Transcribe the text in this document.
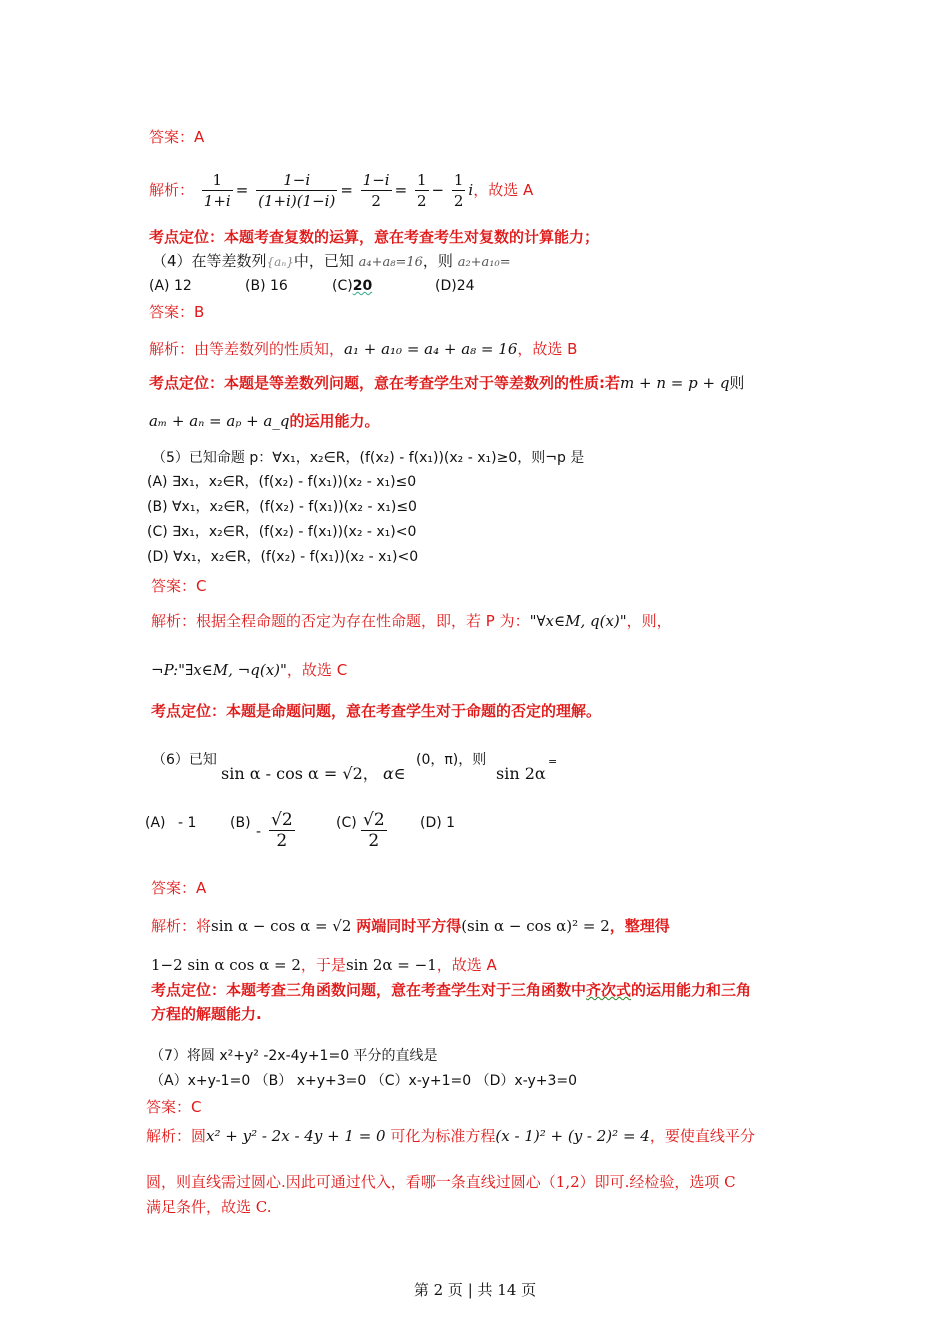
答案：A
解析： $\frac{1}{1+i} = \frac{1-i}{(1+i)(1-i)} = \frac{1-i}{2} = \frac{1}{2} - \frac{1}{2}$ i，故选 A
考点定位：本题考查复数的运算，意在考查考生对复数的计算能力；
（4）在等差数列{aₙ}中，已知 a₄+a₈=16，则 a₂+a₁₀=
(A) 12	(B) 16	(C)20	(D)24
答案：B
解析：由等差数列的性质知，a₁ + a₁₀ = a₄ + a₈ = 16，故选 B
考点定位：本题是等差数列问题，意在考查学生对于等差数列的性质:若m + n = p + q则
aₘ + aₙ = aₚ + a_q的运用能力。
（5）已知命题 p：∀x₁，x₂∈R，(f(x₂) - f(x₁))(x₂ - x₁)≥0，则¬p 是
(A) ∃x₁，x₂∈R，(f(x₂) - f(x₁))(x₂ - x₁)≤0
(B) ∀x₁，x₂∈R，(f(x₂) - f(x₁))(x₂ - x₁)≤0
(C) ∃x₁，x₂∈R，(f(x₂) - f(x₁))(x₂ - x₁)<0
(D) ∀x₁，x₂∈R，(f(x₂) - f(x₁))(x₂ - x₁)<0
答案：C
解析：根据全程命题的否定为存在性命题，即，若 P 为："∀x∈M, q(x)"，则，
¬P:"∃x∈M, ¬q(x)"，故选 C
考点定位：本题是命题问题，意在考查学生对于命题的否定的理解。
（6）已知
sin α - cos α = √2， α∈
(0，π)，则
sin 2α
=
(A) - 1 (B)
- $\frac{√2}{2}$	$(C) \frac{√2}{2} (D)$ 1
答案：A
解析：将sin α − cos α = √2 两端同时平方得(sin α − cos α)² = 2，整理得
1−2 sin α cos α = 2，于是sin 2α = −1，故选 A
考点定位：本题考查三角函数问题，意在考查学生对于三角函数中齐次式的运用能力和三角
方程的解题能力.
（7）将圆 x²+y² -2x-4y+1=0 平分的直线是
（A）x+y-1=0 （B） x+y+3=0 （C）x-y+1=0 （D）x-y+3=0
答案：C
解析：圆x² + y² - 2x - 4y + 1 = 0 可化为标准方程(x - 1)² + (y - 2)² = 4，要使直线平分
圆，则直线需过圆心.因此可通过代入，看哪一条直线过圆心（1,2）即可.经检验，选项 C
满足条件，故选 C.
第 2 页 | 共 14 页
